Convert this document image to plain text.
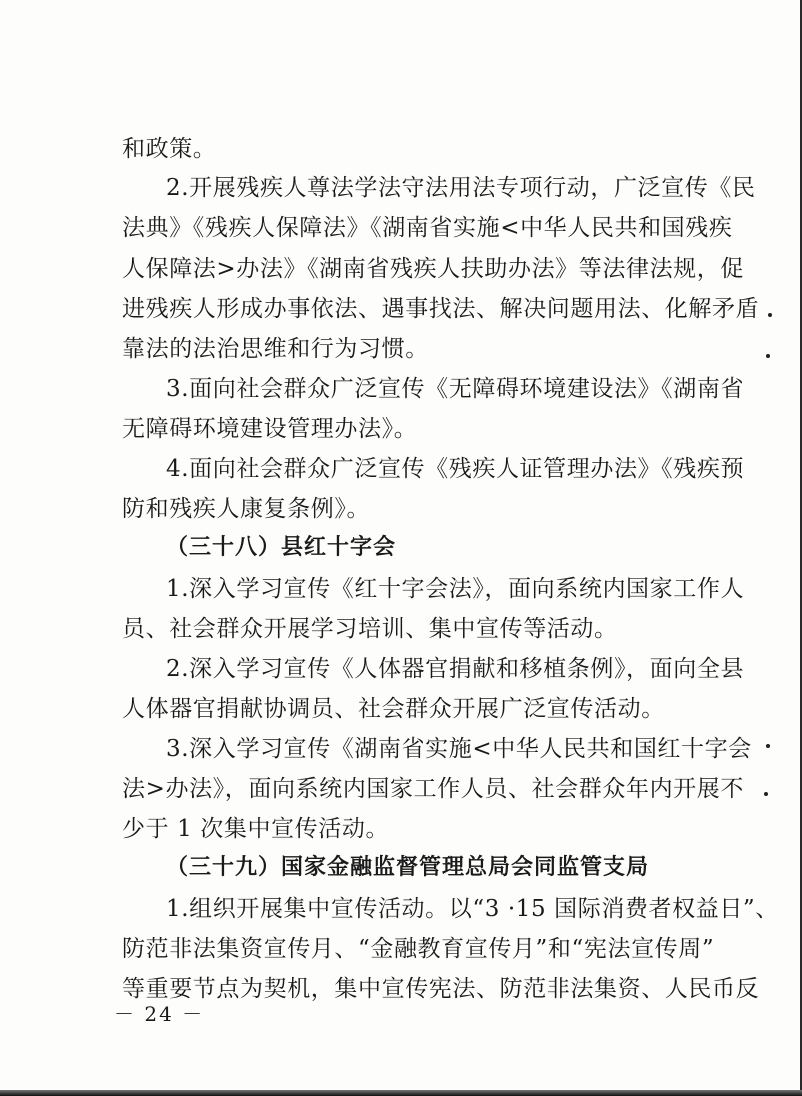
和政策。
2.开展残疾人尊法学法守法用法专项行动，广泛宣传《民
法典》《残疾人保障法》《湖南省实施<中华人民共和国残疾
人保障法>办法》《湖南省残疾人扶助办法》等法律法规，促
进残疾人形成办事依法、遇事找法、解决问题用法、化解矛盾
靠法的法治思维和行为习惯。
3.面向社会群众广泛宣传《无障碍环境建设法》《湖南省
无障碍环境建设管理办法》。
4.面向社会群众广泛宣传《残疾人证管理办法》《残疾预
防和残疾人康复条例》。
（三十八）县红十字会
1.深入学习宣传《红十字会法》，面向系统内国家工作人
员、社会群众开展学习培训、集中宣传等活动。
2.深入学习宣传《人体器官捐献和移植条例》，面向全县
人体器官捐献协调员、社会群众开展广泛宣传活动。
3.深入学习宣传《湖南省实施<中华人民共和国红十字会
法>办法》，面向系统内国家工作人员、社会群众年内开展不
少于 1 次集中宣传活动。
（三十九）国家金融监督管理总局会同监管支局
1.组织开展集中宣传活动。以“3 ·15 国际消费者权益日”、
防范非法集资宣传月、“金融教育宣传月”和“宪法宣传周”
等重要节点为契机，集中宣传宪法、防范非法集资、人民币反
－ 24 －
